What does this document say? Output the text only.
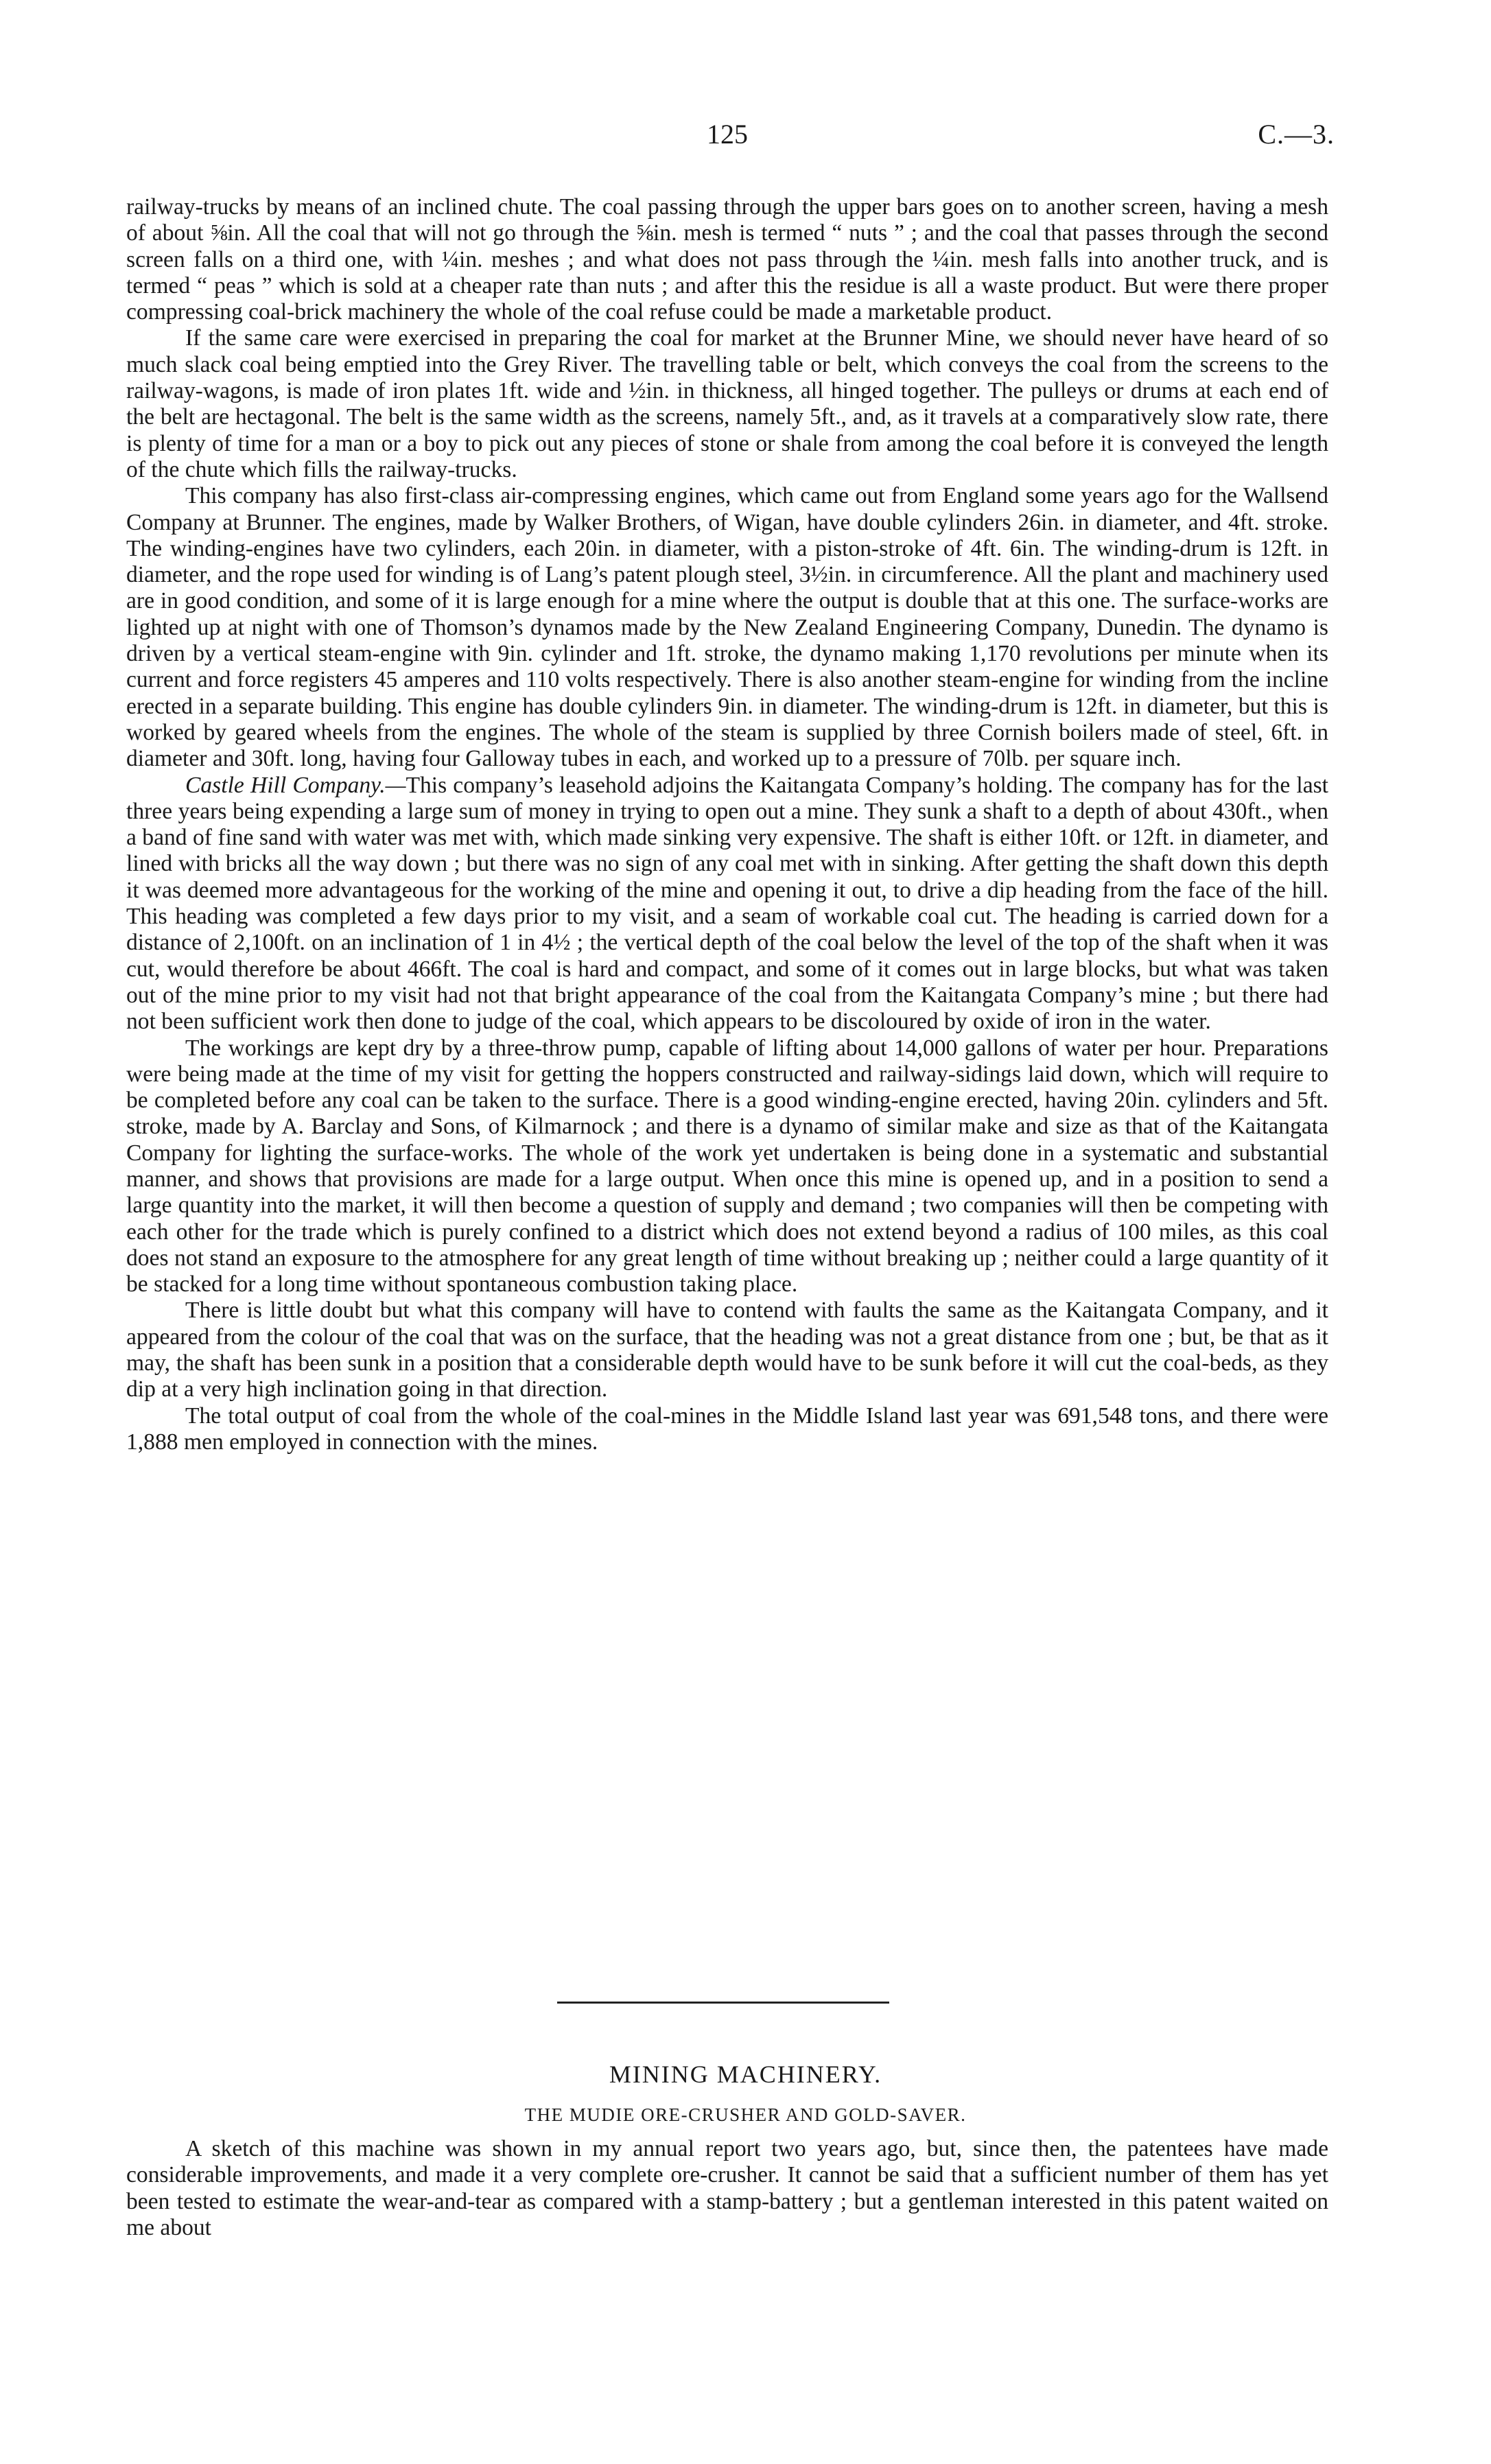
125	C.—3.

railway-trucks by means of an inclined chute. The coal passing through the upper bars goes on to another screen, having a mesh of about ⅝in. All the coal that will not go through the ⅝in. mesh is termed “ nuts ” ; and the coal that passes through the second screen falls on a third one, with ¼in. meshes ; and what does not pass through the ¼in. mesh falls into another truck, and is termed “ peas ” which is sold at a cheaper rate than nuts ; and after this the residue is all a waste product. But were there proper compressing coal-brick machinery the whole of the coal refuse could be made a marketable product.

If the same care were exercised in preparing the coal for market at the Brunner Mine, we should never have heard of so much slack coal being emptied into the Grey River. The travelling table or belt, which conveys the coal from the screens to the railway-wagons, is made of iron plates 1ft. wide and ½in. in thickness, all hinged together. The pulleys or drums at each end of the belt are hectagonal. The belt is the same width as the screens, namely 5ft., and, as it travels at a comparatively slow rate, there is plenty of time for a man or a boy to pick out any pieces of stone or shale from among the coal before it is conveyed the length of the chute which fills the railway-trucks.

This company has also first-class air-compressing engines, which came out from England some years ago for the Wallsend Company at Brunner. The engines, made by Walker Brothers, of Wigan, have double cylinders 26in. in diameter, and 4ft. stroke. The winding-engines have two cylinders, each 20in. in diameter, with a piston-stroke of 4ft. 6in. The winding-drum is 12ft. in diameter, and the rope used for winding is of Lang’s patent plough steel, 3½in. in circumference. All the plant and machinery used are in good condition, and some of it is large enough for a mine where the output is double that at this one. The surface-works are lighted up at night with one of Thomson’s dynamos made by the New Zealand Engineering Company, Dunedin. The dynamo is driven by a vertical steam-engine with 9in. cylinder and 1ft. stroke, the dynamo making 1,170 revolutions per minute when its current and force registers 45 amperes and 110 volts respectively. There is also another steam-engine for winding from the incline erected in a separate building. This engine has double cylinders 9in. in diameter. The winding-drum is 12ft. in diameter, but this is worked by geared wheels from the engines. The whole of the steam is supplied by three Cornish boilers made of steel, 6ft. in diameter and 30ft. long, having four Galloway tubes in each, and worked up to a pressure of 70lb. per square inch.

Castle Hill Company.—This company’s leasehold adjoins the Kaitangata Company’s holding. The company has for the last three years being expending a large sum of money in trying to open out a mine. They sunk a shaft to a depth of about 430ft., when a band of fine sand with water was met with, which made sinking very expensive. The shaft is either 10ft. or 12ft. in diameter, and lined with bricks all the way down ; but there was no sign of any coal met with in sinking. After getting the shaft down this depth it was deemed more advantageous for the working of the mine and opening it out, to drive a dip heading from the face of the hill. This heading was completed a few days prior to my visit, and a seam of workable coal cut. The heading is carried down for a distance of 2,100ft. on an inclination of 1 in 4½ ; the vertical depth of the coal below the level of the top of the shaft when it was cut, would therefore be about 466ft. The coal is hard and compact, and some of it comes out in large blocks, but what was taken out of the mine prior to my visit had not that bright appearance of the coal from the Kaitangata Company’s mine ; but there had not been sufficient work then done to judge of the coal, which appears to be discoloured by oxide of iron in the water.

The workings are kept dry by a three-throw pump, capable of lifting about 14,000 gallons of water per hour. Preparations were being made at the time of my visit for getting the hoppers constructed and railway-sidings laid down, which will require to be completed before any coal can be taken to the surface. There is a good winding-engine erected, having 20in. cylinders and 5ft. stroke, made by A. Barclay and Sons, of Kilmarnock ; and there is a dynamo of similar make and size as that of the Kaitangata Company for lighting the surface-works. The whole of the work yet undertaken is being done in a systematic and substantial manner, and shows that provisions are made for a large output. When once this mine is opened up, and in a position to send a large quantity into the market, it will then become a question of supply and demand ; two companies will then be competing with each other for the trade which is purely confined to a district which does not extend beyond a radius of 100 miles, as this coal does not stand an exposure to the atmosphere for any great length of time without breaking up ; neither could a large quantity of it be stacked for a long time without spontaneous combustion taking place.

There is little doubt but what this company will have to contend with faults the same as the Kaitangata Company, and it appeared from the colour of the coal that was on the surface, that the heading was not a great distance from one ; but, be that as it may, the shaft has been sunk in a position that a considerable depth would have to be sunk before it will cut the coal-beds, as they dip at a very high inclination going in that direction.

The total output of coal from the whole of the coal-mines in the Middle Island last year was 691,548 tons, and there were 1,888 men employed in connection with the mines.

MINING MACHINERY.
THE MUDIE ORE-CRUSHER AND GOLD-SAVER.

A sketch of this machine was shown in my annual report two years ago, but, since then, the patentees have made considerable improvements, and made it a very complete ore-crusher. It cannot be said that a sufficient number of them has yet been tested to estimate the wear-and-tear as compared with a stamp-battery ; but a gentleman interested in this patent waited on me about
